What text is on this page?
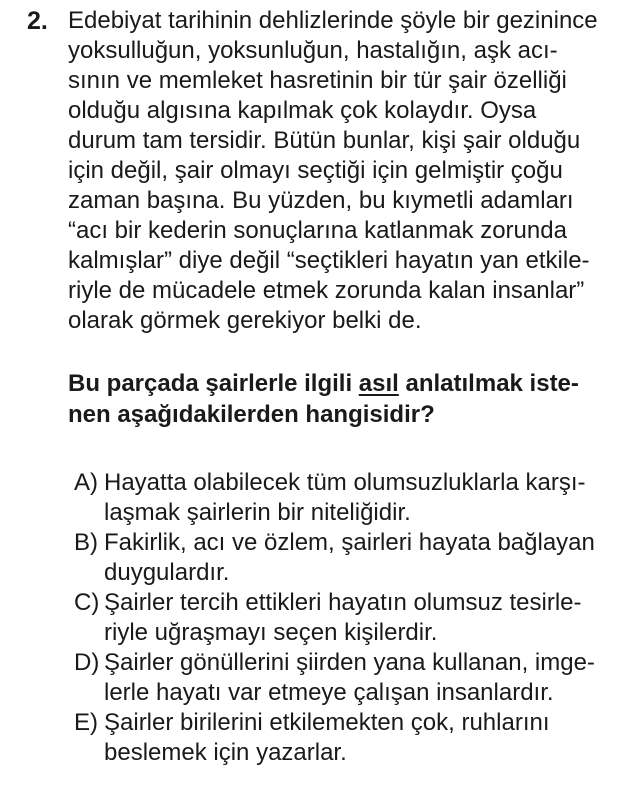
2. Edebiyat tarihinin dehlizlerinde şöyle bir gezinince
yoksulluğun, yoksunluğun, hastalığın, aşk acı-
sının ve memleket hasretinin bir tür şair özelliği
olduğu algısına kapılmak çok kolaydır. Oysa
durum tam tersidir. Bütün bunlar, kişi şair olduğu
için değil, şair olmayı seçtiği için gelmiştir çoğu
zaman başına. Bu yüzden, bu kıymetli adamları
“acı bir kederin sonuçlarına katlanmak zorunda
kalmışlar” diye değil “seçtikleri hayatın yan etkile-
riyle de mücadele etmek zorunda kalan insanlar”
olarak görmek gerekiyor belki de.
Bu parçada şairlerle ilgili asıl anlatılmak iste-
nen aşağıdakilerden hangisidir?
A) Hayatta olabilecek tüm olumsuzluklarla karşı-
laşmak şairlerin bir niteliğidir.
B) Fakirlik, acı ve özlem, şairleri hayata bağlayan
duygulardır.
C) Şairler tercih ettikleri hayatın olumsuz tesirle-
riyle uğraşmayı seçen kişilerdir.
D) Şairler gönüllerini şiirden yana kullanan, imge-
lerle hayatı var etmeye çalışan insanlardır.
E) Şairler birilerini etkilemekten çok, ruhlarını
beslemek için yazarlar.
